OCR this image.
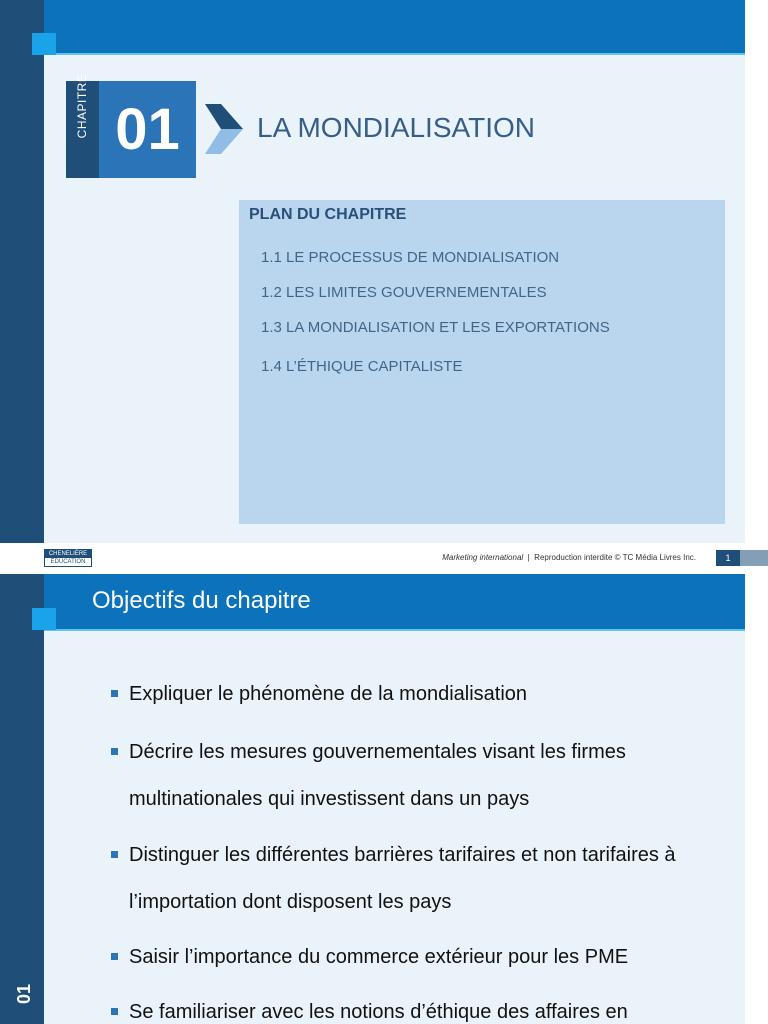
CHAPITRE 01	LA MONDIALISATION
PLAN DU CHAPITRE
1.1 LE PROCESSUS DE MONDIALISATION
1.2 LES LIMITES GOUVERNEMENTALES
1.3 LA MONDIALISATION ET LES EXPORTATIONS
1.4 L’ÉTHIQUE CAPITALISTE
CHENELIÈRE
ÉDUCATION	Marketing international | Reproduction interdite © TC Média Livres Inc.	1
Objectifs du chapitre
01
Expliquer le phénomène de la mondialisation
Décrire les mesures gouvernementales visant les firmes multinationales qui investissent dans un pays
Distinguer les différentes barrières tarifaires et non tarifaires à l’importation dont disposent les pays
Saisir l’importance du commerce extérieur pour les PME
Se familiariser avec les notions d’éthique des affaires en
